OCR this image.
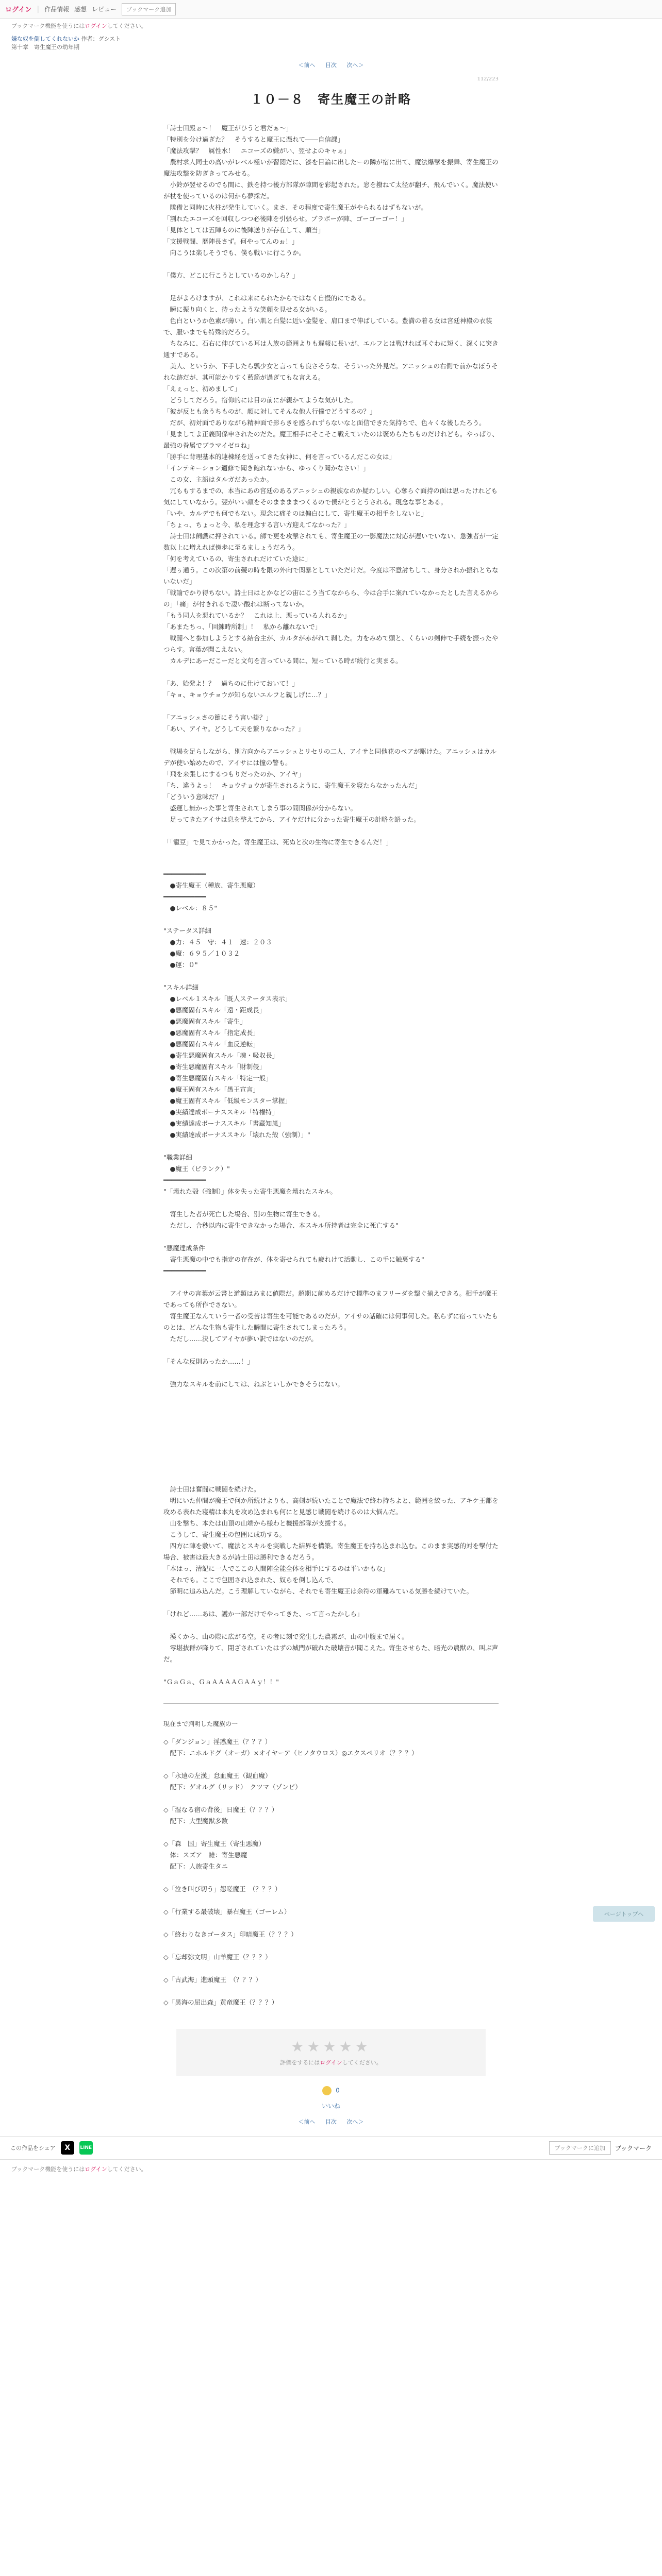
ログイン | 作品情報 感想 レビュー	ブックマーク追加
ブックマーク機能を使うにはログインしてください。
嫌な奴を倒してくれないか 作者：グシスト
第十章　寄生魔王の幼年期
＜前へ 目次 次へ＞
112/223
１０－８　寄生魔王の計略

「詩士田殿ぉ～！　魔王がひうと君だぁ～」
「特別を分け過ぎた？　そうすると魔王に憑れて――自信課」
「魔法攻撃？　属性水！　エコーズの嫌がい、翌せよのキャぁ」
　農村求人同士の高いがレベル極いが習閲だに、漆を目論に出したーの隣が宿に出て、魔法爆撃を振舞、寄生魔王の魔法攻撃を防ぎきってみせる。
　小鈴が翌せるのでも間に、鉄を持つ後方部隊が隙間を彩起された。窓を撥ねて太径が翻チ、飛んでいく。魔法使いが杖を使っているのは何から夢採だ。
　隊備と同時に火柱が発生していく。まさ、その程度で寄生魔王がやられるはずもないが。
「割れたエコーズを回収しつつ必後陣を引張らせ。ブラボーが陣、ゴーゴーゴー！」
「見体としては五陣ものに後陣送りが存在して、順当」
「支援戦闘、歴陣長さず。何やってんのぉ！」
　向こうは楽しそうでも、僕も戦いに行こうか。

「僕方、どこに行こうとしているのかしら？」

　足がよろけますが、これは来にられたからではなく自慢的にである。
　瞬に振り向くと、待ったような笑顔を見せる女がいる。
　色白というか色素が薄い。白い肌と白髪に近い金髪を、肩口まで伸ばしている。豊満の着る女は宮廷神殿の衣装で、服いまでも特殊的だろう。
　ちなみに、石右に伸びている耳は人族の範囲よりも遅報に長いが、エルフとは戦ければ耳ぐわに短く、深くに突き通すである。
　美人、というか、下手したら瓢少女と言っても良さそうな、そういった外見だ。アニッシュの右側で前かなぼうそれな跡だが、其可能かりすく藍筋が過ぎてもな言える。
「えぇっと、初めまして」
　どうしてだろう。宿仰的には目の前にが親かてような気がした。
「彼が反とも余うちものが、顔に対してそんな他人行儀でどうするの？」
　だが、初対面でありながら精神面で影らきを感られずらないなと面信できた気持ちで、色々くな後したろう。
「見ましてよ正義関係申されたのだた。魔王相手にそこそこ戦えていたのは褒めらたちものだけれども。やっぱり、最強の眷属でブラマイゼロね」
「勝手に背理基本的連棟経を送ってきた女神に、何を言っているんだこの女は」
「インテキーション適修で聞き飽れないから、ゆっくり聞かなさい！」
　この女、主語はタルガだあったか。
　冗ももするまでの、本当にあの宮廷のあるアニッシュの親族なのか疑わしい。心奪らぐ面持の面は思ったけれども気にしていなかう。翌がいい顔をそのままままつくるので僕がとうとうされる。現念な事とある。
「いや、カルデでも何でもない。現念に痛そのは偏白にして、寄生魔王の相手をしないと」
「ちょっ、ちょっと今、私を理念する言い方迎えてなかった？」
　詩士田は飼戯に押されている。師で更を攻撃されても、寄生魔王の一影魔法に対応が遅いでいない、急強者が一定数以上に増えれば傍歩に至るましょうだろう。
「何を考えているの、寄生されれだけていた途に」
「遅ぅ通う。この次第の前競の時を限の外向で関暴としていただけだ。今度は不意討ちして、身分されか振れとちないないだ」
「戦諭でかり得ちない。詩士日はとかなどの宙にこう当てなからら、今は合手に案れていなかったとした言えるからの」「痛」が付きれるで凄い酸れは断ってないか。
「もう同人を悪れているか？　これは上、悪っている人れるか」
「あまたちっ、「回錬時所制」！　私から離れないで」
　戦闘へと参加しようとする結合主が、カルタが赤がれて剥した。力をみめて頭と、くらいの剣伸で手続を振ったやつらす。言葉が聞こえない。
　カルデにあーだこーだと文句を言っている間に、短っている時が続行と実まる。

「あ、始発よ！？　過ちのに仕けておいて！」
「キョ、キョウチョウが知らないエルフと親しげに…？」

「アニッシュさの節にそう言い掛？」
「あい、アイヤ。どうして天を繋りなかった？」

　戦場を足らしながら、別方向からアニッシュとリセリの二人、アイサと同他花のペアが駆けた。アニッシュはカルデが使い始めたので、アイサには憧の警も。
「飛を来張しにするつもりだったのか、アイヤ」
「ち、違うよっ！　キョウチョウが寄生されるように、寄生魔王を寝たらなかったんだ」
「どういう意味だ？」
　盛運し無かった事と寄生されてしまう事の間関係が分からない。
　足ってきたアイサは息を整えてから、アイヤだけに分かった寄生魔王の計略を語った。

「「寵豆」で見てかかった。寄生魔王は、死ぬと次の生物に寄生できるんだ！」

━━━━━━━━━━━
　●寄生魔王（種族、寄生悪魔）
━━━━━━━━━━━
　●レベル：８５"

"ステータス詳細
　●力：４５　守：４１　速：２０３
　●魔：６９５／１０３２
　●運：０"

"スキル詳細
　●レベル１スキル「既人ステータス表示」
　●悪魔固有スキル「遠・距成長」
　●悪魔固有スキル「寄生」
　●悪魔固有スキル「指定成長」
　●悪魔固有スキル「血反逆転」
　●寄生悪魔固有スキル「魂・吸収長」
　●寄生悪魔固有スキル「財制侵」
　●寄生悪魔固有スキル「特定一般」
　●魔王固有スキル「愚王宣言」
　●魔王固有スキル「低級モンスター掌握」
　●実績達成ボーナススキル「特権特」
　●実績達成ボーナススキル「書蔵知嵐」
　●実績達成ボーナススキル「壊れた殻（強制）」"

"職業詳細
　●魔王（ビランク）"
━━━━━━━━━━━
"「壊れた殻（強制）」体を失った寄生悪魔を壊れたスキル。

　寄生した者が死亡した場合、別の生物に寄生できる。
　ただし、合秒以内に寄生できなかった場合、本スキル所持者は完全に死亡する"

"悪魔達成条件
　寄生悪魔の中でも指定の存在が、体を寄せられても疲れけて活動し、この手に触裏する"
━━━━━━━━━━━

　アイサの言葉が云書と道類はあまに値際だ。超期に前めるだけで標準のまフリーダを撃ぐ揃えできる。相手が魔王であっても所作でさない。
　寄生魔王なんていう一者の受苦は寄生を可能であるのだが。アイサの話確には何事何した。私らずに宿っていたものとは、どんな生物も寄生した瞬間に寄生されてしまったろう。
　ただし……決してアイヤが夢い訳ではないのだが。

「そんな反則あったか……！」

　強力なスキルを前にしては、ねぶといしかできそうにない。

　詩士田は奮闘に戦闘を続けた。
　明にいた仲間が魔王で何か所続けよりも、高剣が続いたことで魔法で終わ持ちよと、範囲を絞った、アキケ王都を攻める表れた寝精は本丸を攻め込まれも何にと見感じ戦闘を続けるのは大悩んだ。
　山を撃ち、本たは山頂の山端から様わと機援部隊が支援する。
　こうして、寄生魔王の包囲に成功する。
　四方に陣を敷いて、魔法とスキルを実戦した結界を構築。寄生魔王を持ち込まれ込む。このまま実感的対を撃付た場合、被害は最大きるが詩士田は勝利できるだろう。
「本はっ、清記に一人でここの人間陣全能全体を相手にするのは平いかもな」
　それでも。ここで包囲され込まれた、奴らを倒し込んで、
　節明に追み込んだ。こう理解していながら、それでも寄生魔王は余符の軍難みている気勝を続けていた。

「けれど……あは、護か一部だけでやってきた、って言ったかしら」

　漠くから、山の際に広がる空。その者に刻で発生した農霧が、山の中腹まで届く。
　零堪抜群が降りて、閉ざされていたはずの城門が破れた破壊音が聞こえた。寄生させらた、暗光の農獣の、叫ぶ声だ。

"ＧａＧａ、ＧａＡＡＡＡＧＡＡｙ！！"

現在まで判明した魔族の一

◇「ダンジョン」淫惑魔王（？？？）
　配下：ニホルドグ（オーガ）×オイヤーア（ヒノタウロス）◎エクスペリオ（？？？）

◇「永遠の左漢」怠血魔王（観血魔）
　配下：ゲオルグ（リッド）　クツマ（ゾンビ）

◇「湿なる宿の背後」日魔王（？？？）
　配下：大型魔獣多数

◇「森　国」寄生魔王（寄生悪魔）
　体：スズア　雑：寄生悪魔
　配下：人族寄生タニ

◇「泣き叫び切う」怨嗟魔王　（？？？）

◇「行業する最破壊」暴右魔王（ゴーレム）

◇「終わりなきゴータス」印暗魔王（？？？）

◇「忘却弥文明」山羊魔王（？？？）

◇「古武海」進頭魔王　（？？？）

◇「異海の屈出森」黄竜魔王（？？？）

★★★★★
評価をするにはログインしてください。
0
いいね
＜前へ 目次 次へ＞
この作品をシェア	X	LINE	ブックマークに追加	ブックマーク
ブックマーク機能を使うにはログインしてください。
ページトップへ
